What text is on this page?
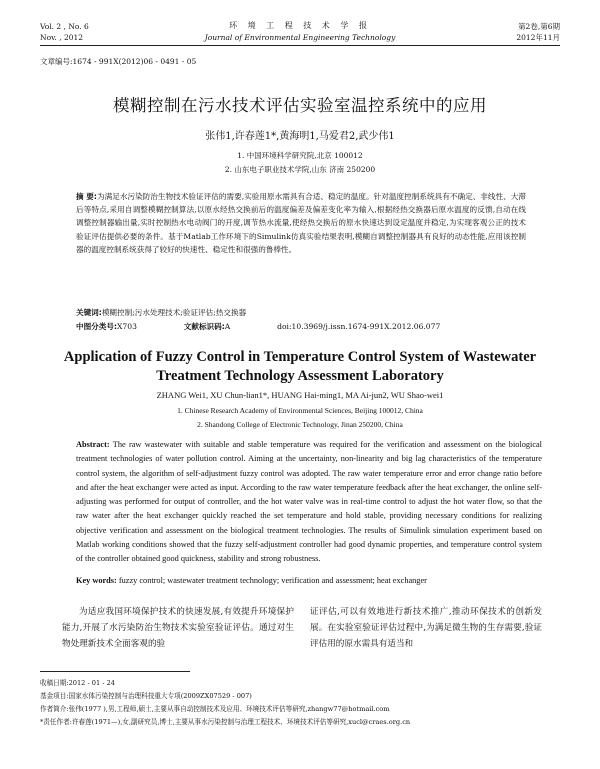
Vol. 2 , No. 6
Nov. , 2012
环 境 工 程 技 术 学 报
Journal of Environmental Engineering Technology
第2卷,第6期
2012年11月
文章编号:1674 - 991X(2012)06 - 0491 - 05
模糊控制在污水技术评估实验室温控系统中的应用
张伟1,许春莲1*,黄海明1,马爱君2,武少伟1
1. 中国环境科学研究院,北京 100012
2. 山东电子职业技术学院,山东 济南 250200
摘 要:为满足水污染防治生物技术验证评估的需要,实验用原水需具有合适、稳定的温度。针对温度控制系统具有不确定、非线性、大滞后等特点,采用自调整模糊控制算法,以原水经热交换前后的温度偏差及偏差变化率为输入,根据经热交换器后原水温度的反馈,自动在线调整控制器输出量,实时控制热水电动阀门的开度,调节热水流量,使经热交换后的原水快速达到设定温度并稳定,为实现客观公正的技术验证评估提供必要的条件。基于Matlab工作环境下的Simulink仿真实验结果表明,模糊自调整控制器具有良好的动态性能,应用该控制器的温度控制系统获得了较好的快速性、稳定性和很强的鲁棒性。
关键词:模糊控制;污水处理技术;验证评估;热交换器
中图分类号:X703	文献标识码:A	doi:10.3969/j.issn.1674-991X.2012.06.077
Application of Fuzzy Control in Temperature Control System of Wastewater
Treatment Technology Assessment Laboratory
ZHANG Wei1, XU Chun-lian1*, HUANG Hai-ming1, MA Ai-jun2, WU Shao-wei1
1. Chinese Research Academy of Environmental Sciences, Beijing 100012, China
2. Shandong College of Electronic Technology, Jinan 250200, China
Abstract: The raw wastewater with suitable and stable temperature was required for the verification and assessment on the biological treatment technologies of water pollution control. Aiming at the uncertainty, non-linearity and big lag characteristics of the temperature control system, the algorithm of self-adjustment fuzzy control was adopted. The raw water temperature error and error change ratio before and after the heat exchanger were acted as input. According to the raw water temperature feedback after the heat exchanger, the online self-adjusting was performed for output of controller, and the hot water valve was in real-time control to adjust the hot water flow, so that the raw water after the heat exchanger quickly reached the set temperature and hold stable, providing necessary conditions for realizing objective verification and assessment on the biological treatment technologies. The results of Simulink simulation experiment based on Matlab working conditions showed that the fuzzy self-adjustment controller had good dynamic properties, and temperature control system of the controller obtained good quickness, stability and strong robustness.
Key words: fuzzy control; wastewater treatment technology; verification and assessment; heat exchanger
为适应我国环境保护技术的快速发展,有效提升环境保护能力,开展了水污染防治生物技术实验室验证评估。通过对生物处理新技术全面客观的验
证评估,可以有效地进行新技术推广,推动环保技术的创新发展。在实验室验证评估过程中,为满足微生物的生存需要,验证评估用的原水需具有适当和
收稿日期:2012 - 01 - 24
基金项目:国家水体污染控制与治理科技重大专项(2009ZX07529 - 007)
作者简介:张伟(1977 ),男,工程师,硕士,主要从事自动控制技术及应用、环境技术评估等研究,zhangw77@hotmail.com
*责任作者:许春莲(1971—),女,副研究员,博士,主要从事水污染控制与治理工程技术、环境技术评估等研究,xucl@craes.org.cn
